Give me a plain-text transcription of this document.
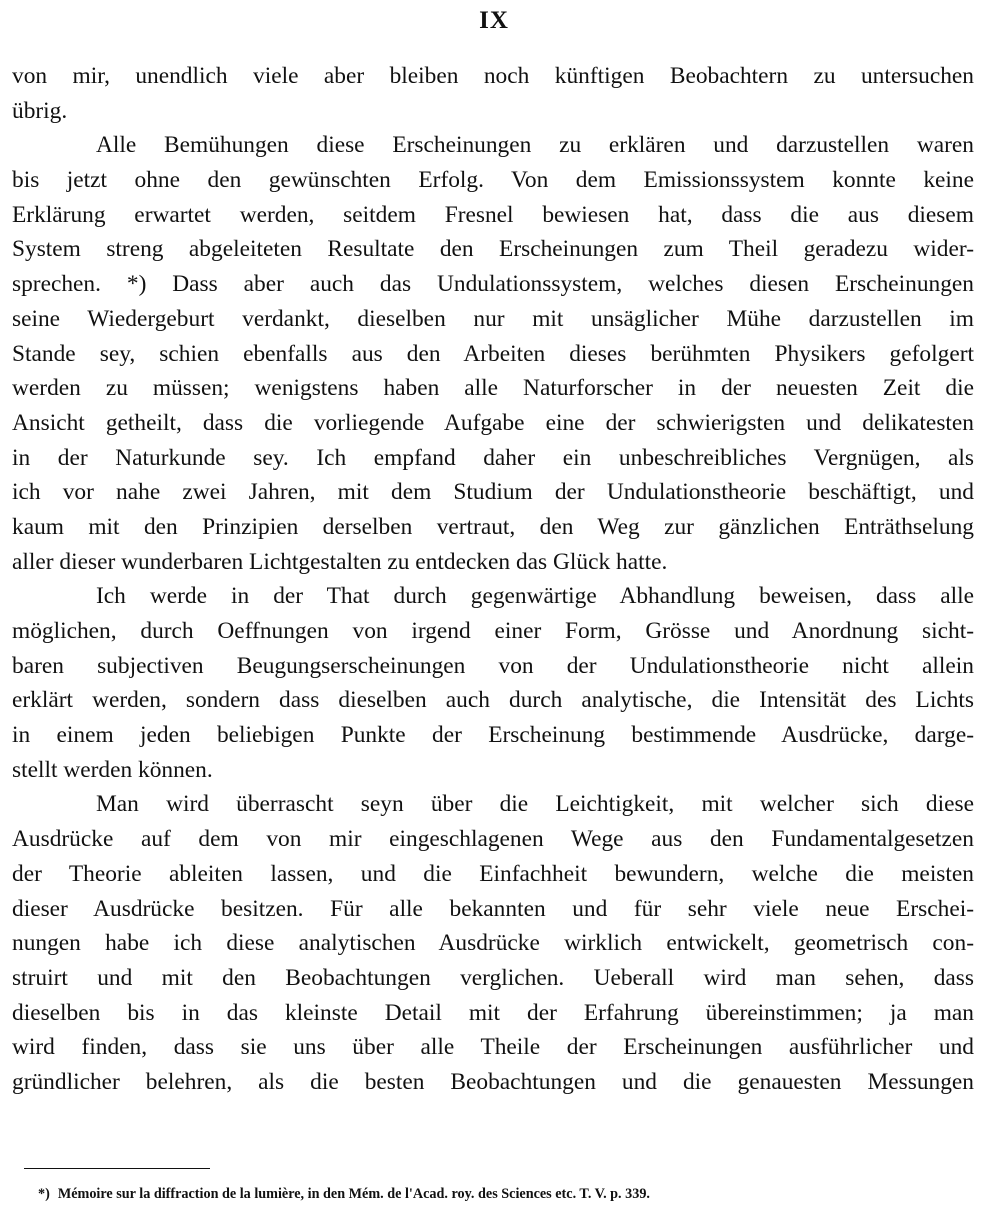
IX

von mir, unendlich viele aber bleiben noch künftigen Beobachtern zu untersuchen
übrig.

Alle Bemühungen diese Erscheinungen zu erklären und darzustellen waren
bis jetzt ohne den gewünschten Erfolg. Von dem Emissionssystem konnte keine
Erklärung erwartet werden, seitdem Fresnel bewiesen hat, dass die aus diesem
System streng abgeleiteten Resultate den Erscheinungen zum Theil geradezu wider-
sprechen. *) Dass aber auch das Undulationssystem, welches diesen Erscheinungen
seine Wiedergeburt verdankt, dieselben nur mit unsäglicher Mühe darzustellen im
Stande sey, schien ebenfalls aus den Arbeiten dieses berühmten Physikers gefolgert
werden zu müssen; wenigstens haben alle Naturforscher in der neuesten Zeit die
Ansicht getheilt, dass die vorliegende Aufgabe eine der schwierigsten und delikatesten
in der Naturkunde sey. Ich empfand daher ein unbeschreibliches Vergnügen, als
ich vor nahe zwei Jahren, mit dem Studium der Undulationstheorie beschäftigt, und
kaum mit den Prinzipien derselben vertraut, den Weg zur gänzlichen Enträthselung
aller dieser wunderbaren Lichtgestalten zu entdecken das Glück hatte.

Ich werde in der That durch gegenwärtige Abhandlung beweisen, dass alle
möglichen, durch Oeffnungen von irgend einer Form, Grösse und Anordnung sicht-
baren subjectiven Beugungserscheinungen von der Undulationstheorie nicht allein
erklärt werden, sondern dass dieselben auch durch analytische, die Intensität des Lichts
in einem jeden beliebigen Punkte der Erscheinung bestimmende Ausdrücke, darge-
stellt werden können.

Man wird überrascht seyn über die Leichtigkeit, mit welcher sich diese
Ausdrücke auf dem von mir eingeschlagenen Wege aus den Fundamentalgesetzen
der Theorie ableiten lassen, und die Einfachheit bewundern, welche die meisten
dieser Ausdrücke besitzen. Für alle bekannten und für sehr viele neue Erschei-
nungen habe ich diese analytischen Ausdrücke wirklich entwickelt, geometrisch con-
struirt und mit den Beobachtungen verglichen. Ueberall wird man sehen, dass
dieselben bis in das kleinste Detail mit der Erfahrung übereinstimmen; ja man
wird finden, dass sie uns über alle Theile der Erscheinungen ausführlicher und
gründlicher belehren, als die besten Beobachtungen und die genauesten Messungen

*) Mémoire sur la diffraction de la lumière, in den Mém. de l'Acad. roy. des Sciences etc. T. V. p. 339.
